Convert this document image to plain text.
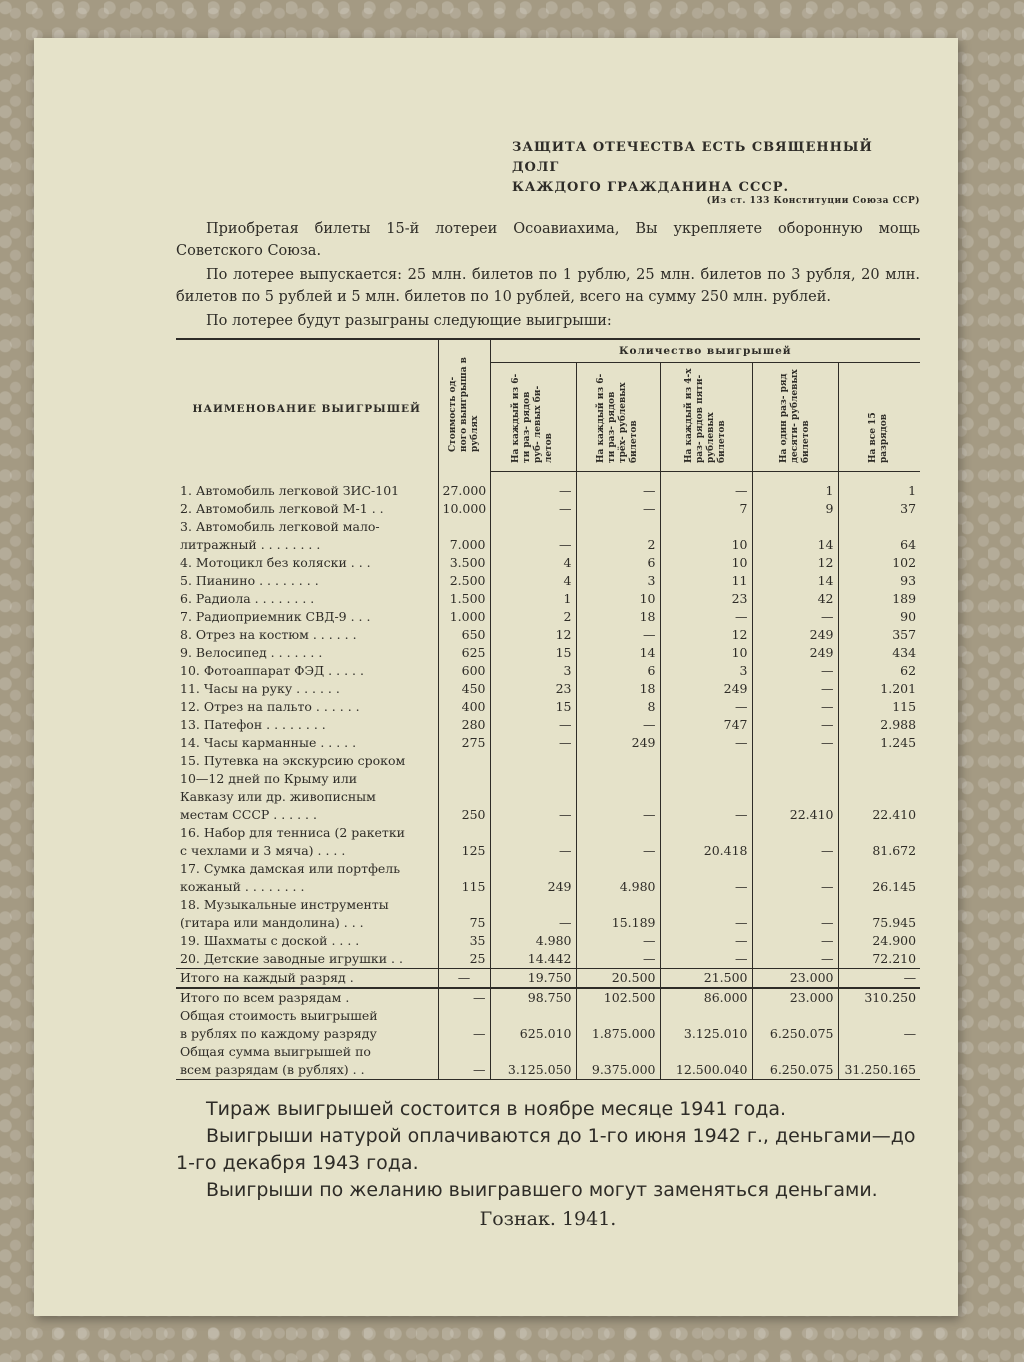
ЗАЩИТА ОТЕЧЕСТВА ЕСТЬ СВЯЩЕННЫЙ ДОЛГ
КАЖДОГО ГРАЖДАНИНА СССР.
(Из ст. 133 Конституции Союза ССР)

Приобретая билеты 15-й лотереи Осоавиахима, Вы укрепляете оборонную мощь Советского Союза.

По лотерее выпускается: 25 млн. билетов по 1 рублю, 25 млн. билетов по 3 рубля, 20 млн. билетов по 5 рублей и 5 млн. билетов по 10 рублей, всего на сумму 250 млн. рублей.

По лотерее будут разыграны следующие выигрыши:

НАИМЕНОВАНИЕ ВЫИГРЫШЕЙ	Стоимость од- ного выигрыша в рублях	Количество выигрышей				
		На каждый из 6-ти раз- рядов руб- левых би- летов	На каждый из 6-ти раз- рядов трёх- рублевых билетов	На каждый из 4-х раз- рядов пяти- рублевых билетов	На один раз- ряд десяти- рублевых билетов	На все 15 разрядов
1. Автомобиль легковой ЗИС-101	27.000	—	—	—	1	1
2. Автомобиль легковой М-1 . .	10.000	—	—	7	9	37
3. Автомобиль легковой мало-						
литражный . . . . . . . .	7.000	—	2	10	14	64
4. Мотоцикл без коляски . . .	3.500	4	6	10	12	102
5. Пианино . . . . . . . .	2.500	4	3	11	14	93
6. Радиола . . . . . . . .	1.500	1	10	23	42	189
7. Радиоприемник СВД-9 . . .	1.000	2	18	—	—	90
8. Отрез на костюм . . . . . .	650	12	—	12	249	357
9. Велосипед . . . . . . .	625	15	14	10	249	434
10. Фотоаппарат ФЭД . . . . .	600	3	6	3	—	62
11. Часы на руку . . . . . .	450	23	18	249	—	1.201
12. Отрез на пальто . . . . . .	400	15	8	—	—	115
13. Патефон . . . . . . . .	280	—	—	747	—	2.988
14. Часы карманные . . . . .	275	—	249	—	—	1.245
15. Путевка на экскурсию сроком						
10—12 дней по Крыму или						
Кавказу или др. живописным						
местам СССР . . . . . .	250	—	—	—	22.410	22.410
16. Набор для тенниса (2 ракетки						
с чехлами и 3 мяча) . . . .	125	—	—	20.418	—	81.672
17. Сумка дамская или портфель						
кожаный . . . . . . . .	115	249	4.980	—	—	26.145
18. Музыкальные инструменты						
(гитара или мандолина) . . .	75	—	15.189	—	—	75.945
19. Шахматы с доской . . . .	35	4.980	—	—	—	24.900
20. Детские заводные игрушки . .	25	14.442	—	—	—	72.210
Итого на каждый разряд .	—	19.750	20.500	21.500	23.000	—
Итого по всем разрядам .	—	98.750	102.500	86.000	23.000	310.250
Общая стоимость выигрышей						
в рублях по каждому разряду	—	625.010	1.875.000	3.125.010	6.250.075	—
Общая сумма выигрышей по						
всем разрядам (в рублях) . .	—	3.125.050	9.375.000	12.500.040	6.250.075	31.250.165

Тираж выигрышей состоится в ноябре месяце 1941 года.

Выигрыши натурой оплачиваются до 1-го июня 1942 г., деньгами—до 1-го декабря 1943 года.

Выигрыши по желанию выигравшего могут заменяться деньгами.

Гознак. 1941.
